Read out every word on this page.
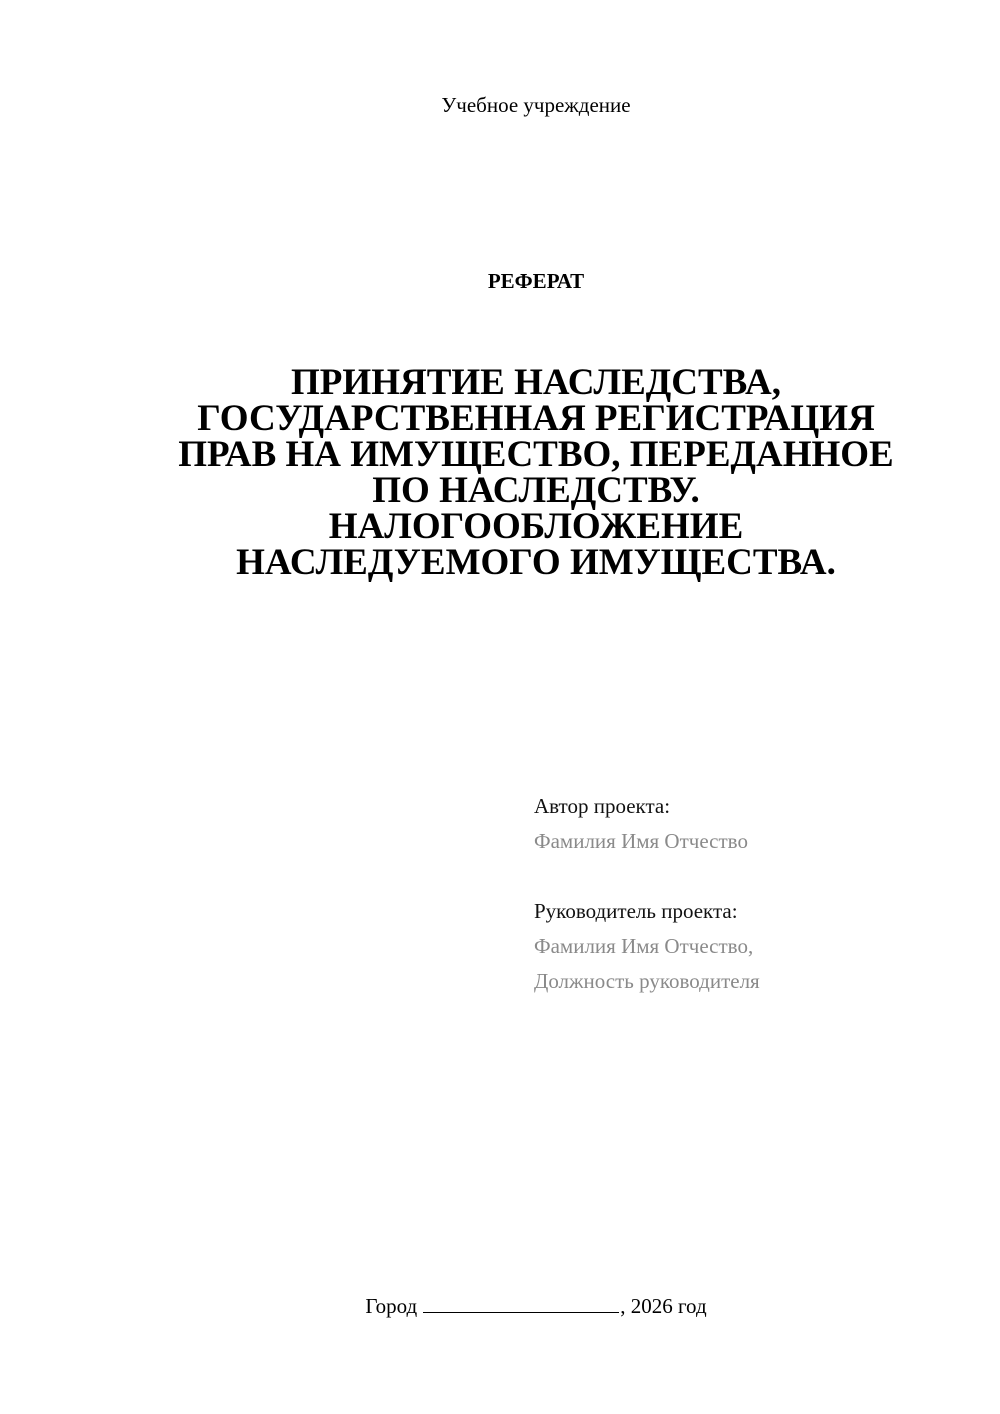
Учебное учреждение
РЕФЕРАТ
ПРИНЯТИЕ НАСЛЕДСТВА,
ГОСУДАРСТВЕННАЯ РЕГИСТРАЦИЯ
ПРАВ НА ИМУЩЕСТВО, ПЕРЕДАННОЕ
ПО НАСЛЕДСТВУ.
НАЛОГООБЛОЖЕНИЕ
НАСЛЕДУЕМОГО ИМУЩЕСТВА.
Автор проекта:
Фамилия Имя Отчество
Руководитель проекта:
Фамилия Имя Отчество,
Должность руководителя
Город	, 2026 год
